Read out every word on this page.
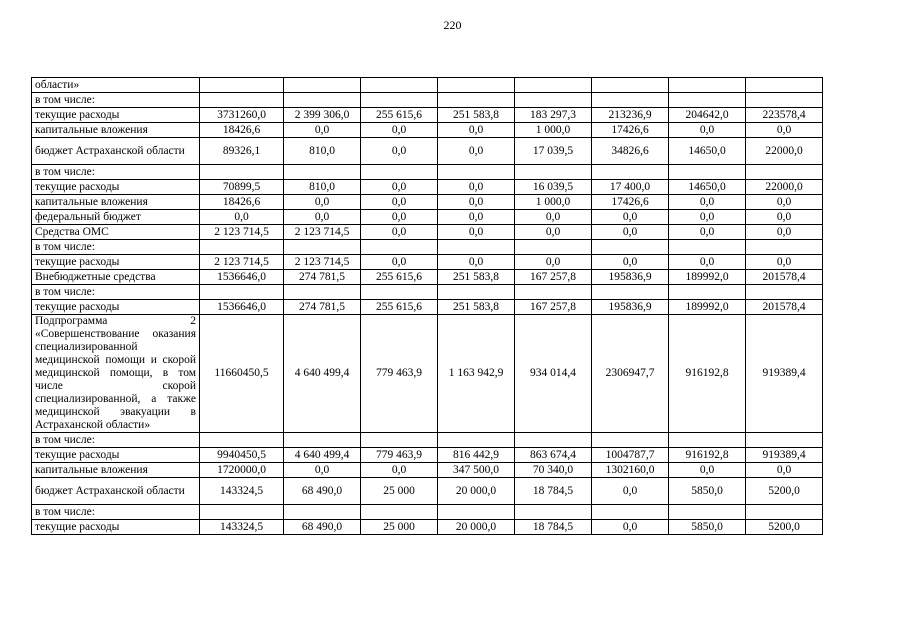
220
области»								
в том числе:								
текущие расходы	3731260,0	2 399 306,0	255 615,6	251 583,8	183 297,3	213236,9	204642,0	223578,4
капитальные вложения	18426,6	0,0	0,0	0,0	1 000,0	17426,6	0,0	0,0
бюджет Астраханской области	89326,1	810,0	0,0	0,0	17 039,5	34826,6	14650,0	22000,0
в том числе:								
текущие расходы	70899,5	810,0	0,0	0,0	16 039,5	17 400,0	14650,0	22000,0
капитальные вложения	18426,6	0,0	0,0	0,0	1 000,0	17426,6	0,0	0,0
федеральный бюджет	0,0	0,0	0,0	0,0	0,0	0,0	0,0	0,0
Средства ОМС	2 123 714,5	2 123 714,5	0,0	0,0	0,0	0,0	0,0	0,0
в том числе:								
текущие расходы	2 123 714,5	2 123 714,5	0,0	0,0	0,0	0,0	0,0	0,0
Внебюджетные средства	1536646,0	274 781,5	255 615,6	251 583,8	167 257,8	195836,9	189992,0	201578,4
в том числе:								
текущие расходы	1536646,0	274 781,5	255 615,6	251 583,8	167 257,8	195836,9	189992,0	201578,4
Подпрограмма 2 «Совершенствование оказания специализированной медицинской помощи и скорой медицинской помощи, в том числе скорой специализированной, а также медицинской эвакуации в Астраханской области»	11660450,5	4 640 499,4	779 463,9	1 163 942,9	934 014,4	2306947,7	916192,8	919389,4
в том числе:								
текущие расходы	9940450,5	4 640 499,4	779 463,9	816 442,9	863 674,4	1004787,7	916192,8	919389,4
капитальные вложения	1720000,0	0,0	0,0	347 500,0	70 340,0	1302160,0	0,0	0,0
бюджет Астраханской области	143324,5	68 490,0	25 000	20 000,0	18 784,5	0,0	5850,0	5200,0
в том числе:								
текущие расходы	143324,5	68 490,0	25 000	20 000,0	18 784,5	0,0	5850,0	5200,0
